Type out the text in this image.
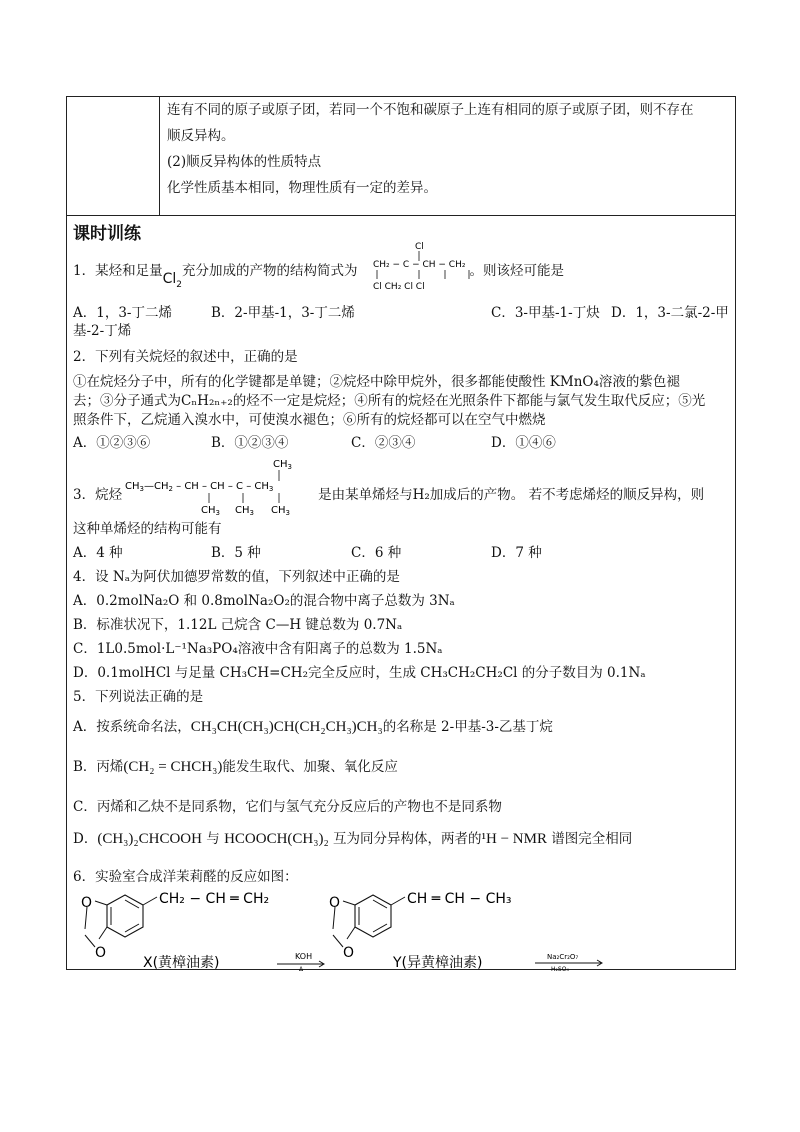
连有不同的原子或原子团，若同一个不饱和碳原子上连有相同的原子或原子团，则不存在

顺反异构。

(2)顺反异构体的性质特点

化学性质基本相同，物理性质有一定的差异。

课时训练
1．某烃和足量$Cl_2$充分加成的产物的结构简式为	。则该烃可能是
Cl
CH₂ − C − CH − CH₂
Cl CH₂ Cl Cl
A．1，3-丁二烯	B．2-甲基-1，3-丁二烯	C．3-甲基-1-丁炔 D．1，3-二氯-2-甲
基-2-丁烯
2．下列有关烷烃的叙述中，正确的是
①在烷烃分子中，所有的化学键都是单键；②烷烃中除甲烷外，很多都能使酸性 KMnO₄溶液的紫色褪
去；③分子通式为CₙH₂ₙ₊₂的烃不一定是烷烃；④所有的烷烃在光照条件下都能与氯气发生取代反应；⑤光
照条件下，乙烷通入溴水中，可使溴水褪色；⑥所有的烷烃都可以在空气中燃烧
A．①②③⑥	B．①②③④	C．②③④	D．①④⑥
3．烷烃	是由某单烯烃与H₂加成后的产物。 若不考虑烯烃的顺反异构，则
$CH_3$
$CH_3—CH_2$ – CH – CH – C – $CH_3$
$CH_3$ $CH_3$ $CH_3$
这种单烯烃的结构可能有
A．4 种	B．5 种	C．6 种	D．7 种
4．设 Nₐ为阿伏加德罗常数的值，下列叙述中正确的是
A．0.2molNa₂O 和 0.8molNa₂O₂的混合物中离子总数为 3Nₐ
B．标准状况下，1.12L 己烷含 C—H 键总数为 0.7Nₐ
C．1L0.5mol·L⁻¹Na₃PO₄溶液中含有阳离子的总数为 1.5Nₐ
D．0.1molHCl 与足量 CH₃CH=CH₂完全反应时，生成 CH₃CH₂CH₂Cl 的分子数目为 0.1Nₐ
5．下列说法正确的是
A．按系统命名法，CH₃CH(CH₃)CH(CH₂CH₃)CH₃的名称是 2-甲基-3-乙基丁烷
B．丙烯(CH₂ = CHCH₃)能发生取代、加聚、氧化反应
C．丙烯和乙炔不是同系物，它们与氢气充分反应后的产物也不是同系物
D．(CH₃)₂CHCOOH 与 HCOOCH(CH₃)₂ 互为同分异构体，两者的¹H − NMR 谱图完全相同
6．实验室合成洋茉莉醛的反应如图：
O
O
CH₂ − CH ═ CH₂
X(黄樟油素)	KOH
Δ
O
O
CH ═ CH − CH₃
Y(异黄樟油素)	Na₂Cr₂O₇
H₂SO₄
